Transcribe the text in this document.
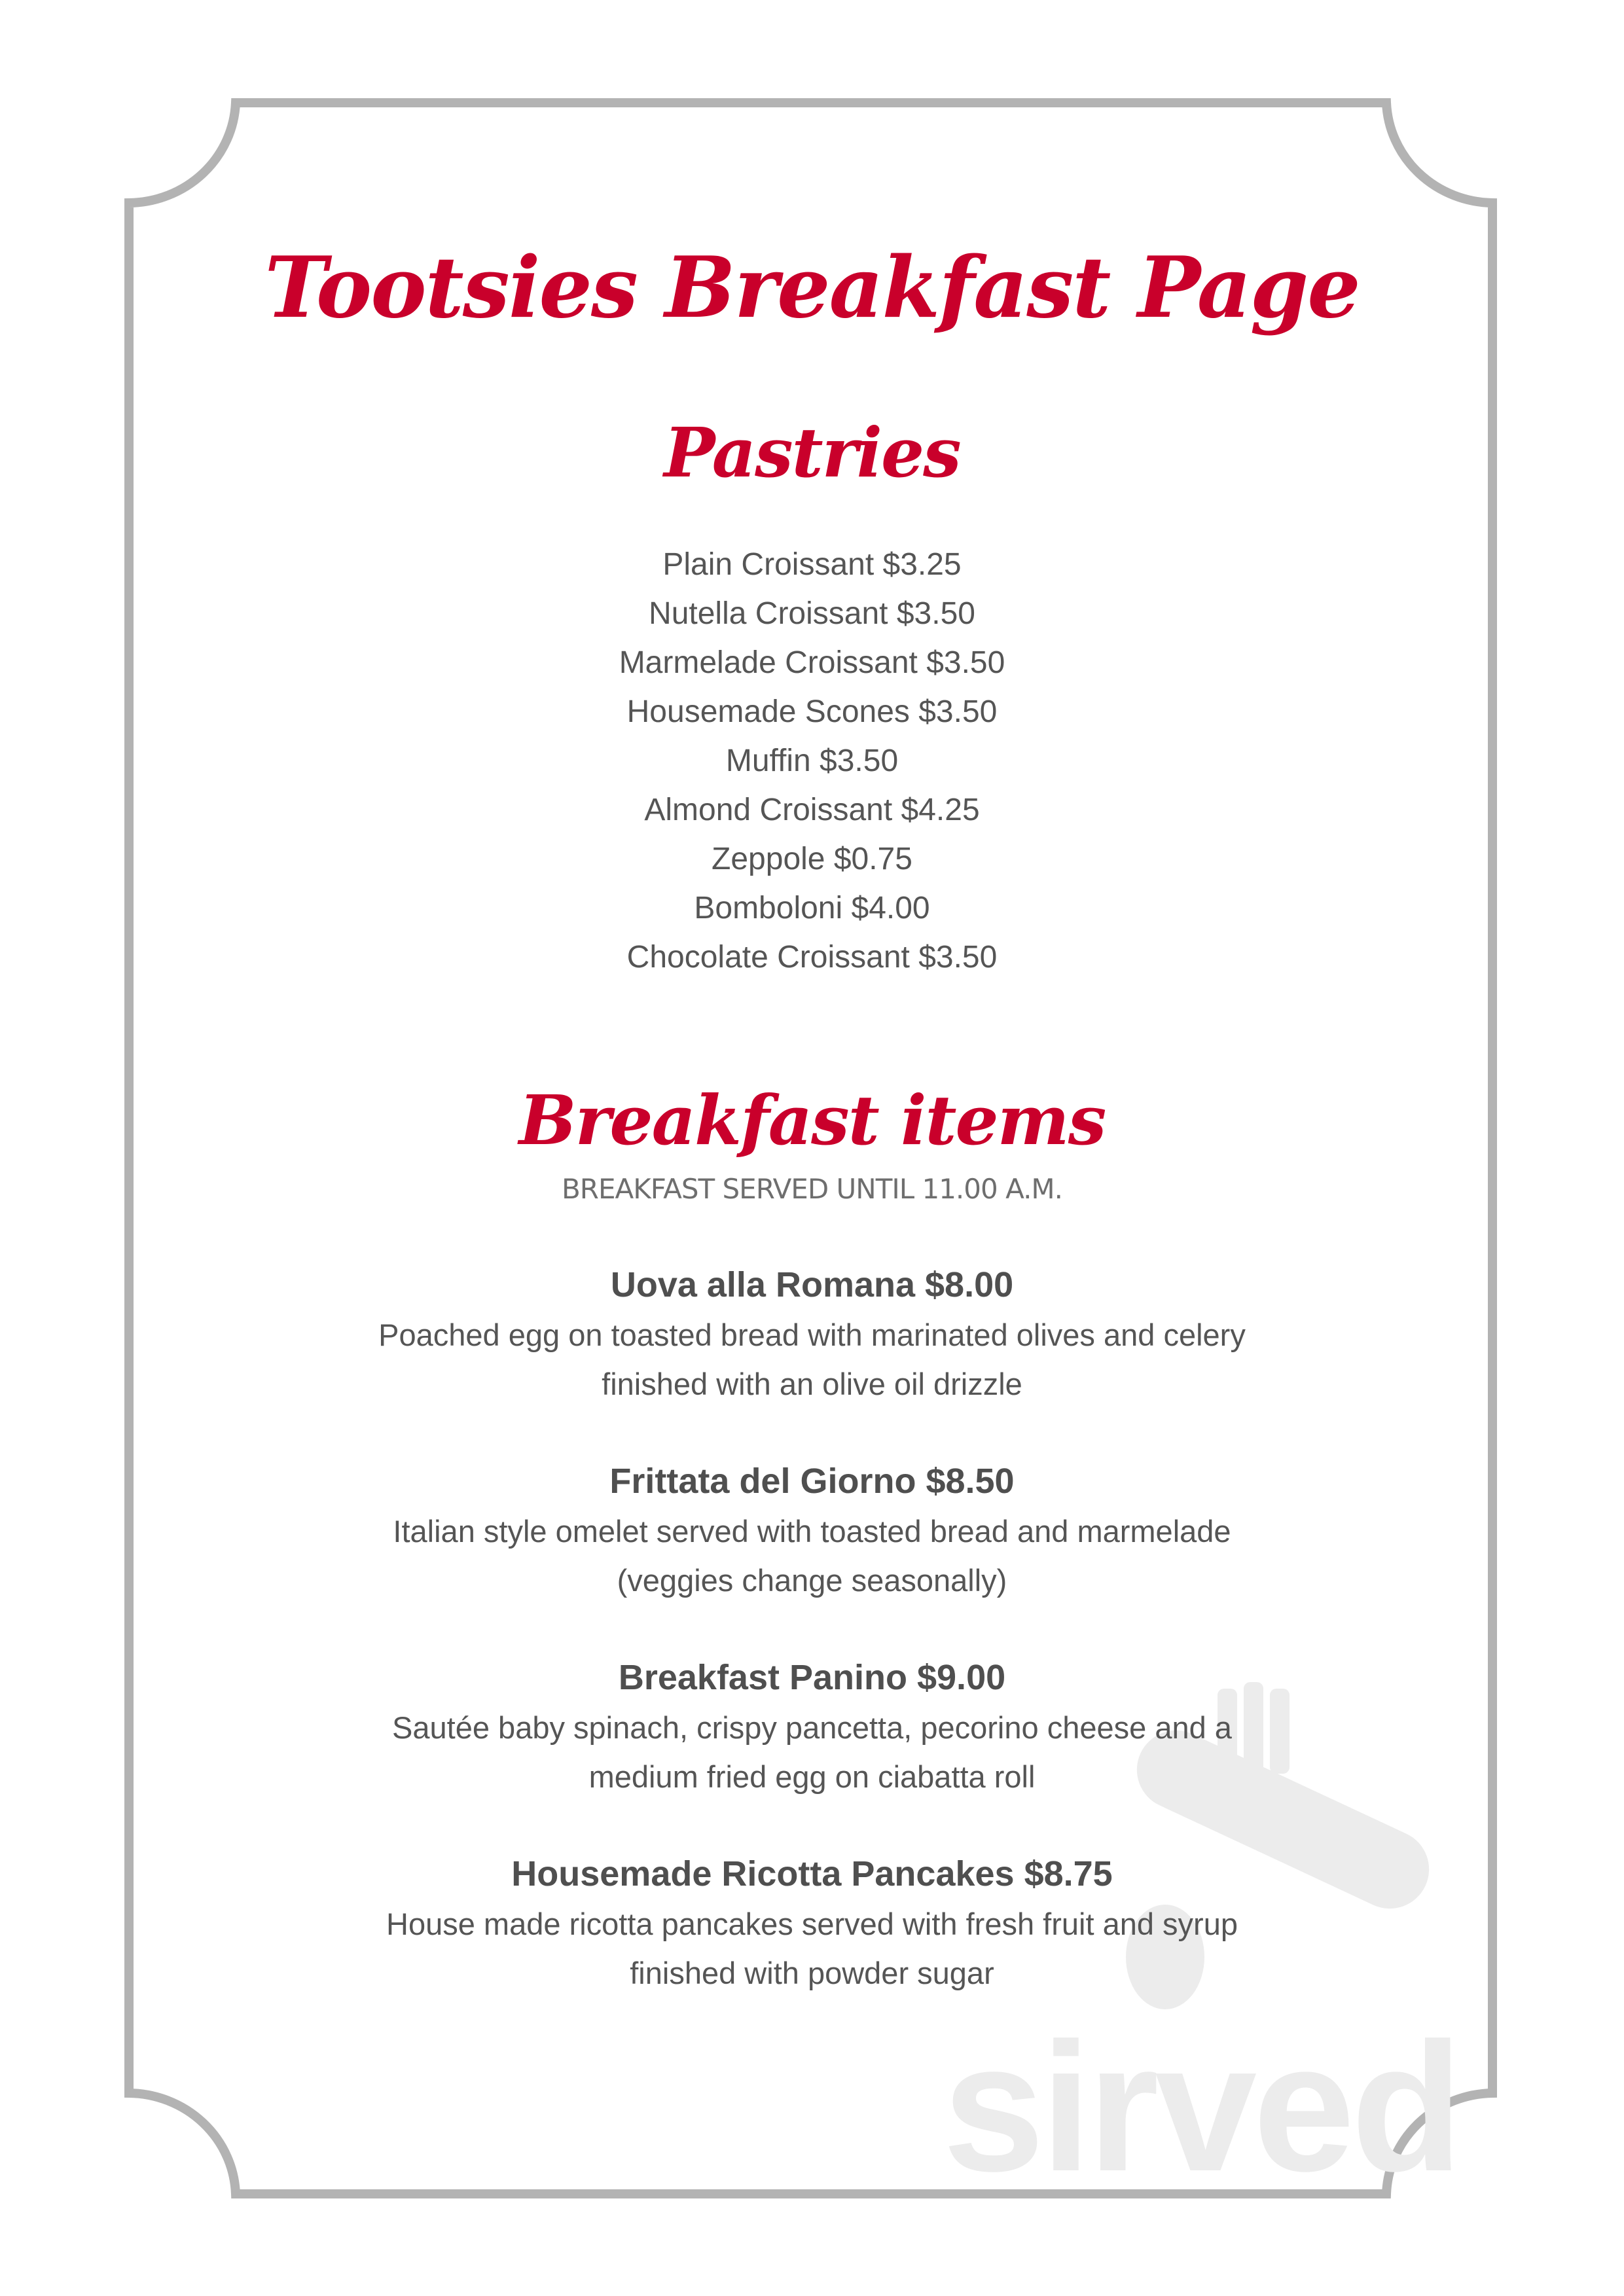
sirved
Tootsies Breakfast Page
Pastries
Plain Croissant $3.25
Nutella Croissant $3.50
Marmelade Croissant $3.50
Housemade Scones $3.50
Muffin $3.50
Almond Croissant $4.25
Zeppole $0.75
Bomboloni $4.00
Chocolate Croissant $3.50
Breakfast items
BREAKFAST SERVED UNTIL 11.00 A.M.
Uova alla Romana $8.00
Poached egg on toasted bread with marinated olives and celery
finished with an olive oil drizzle
Frittata del Giorno $8.50
Italian style omelet served with toasted bread and marmelade
(veggies change seasonally)
Breakfast Panino $9.00
Sautée baby spinach, crispy pancetta, pecorino cheese and a
medium fried egg on ciabatta roll
Housemade Ricotta Pancakes $8.75
House made ricotta pancakes served with fresh fruit and syrup
finished with powder sugar
